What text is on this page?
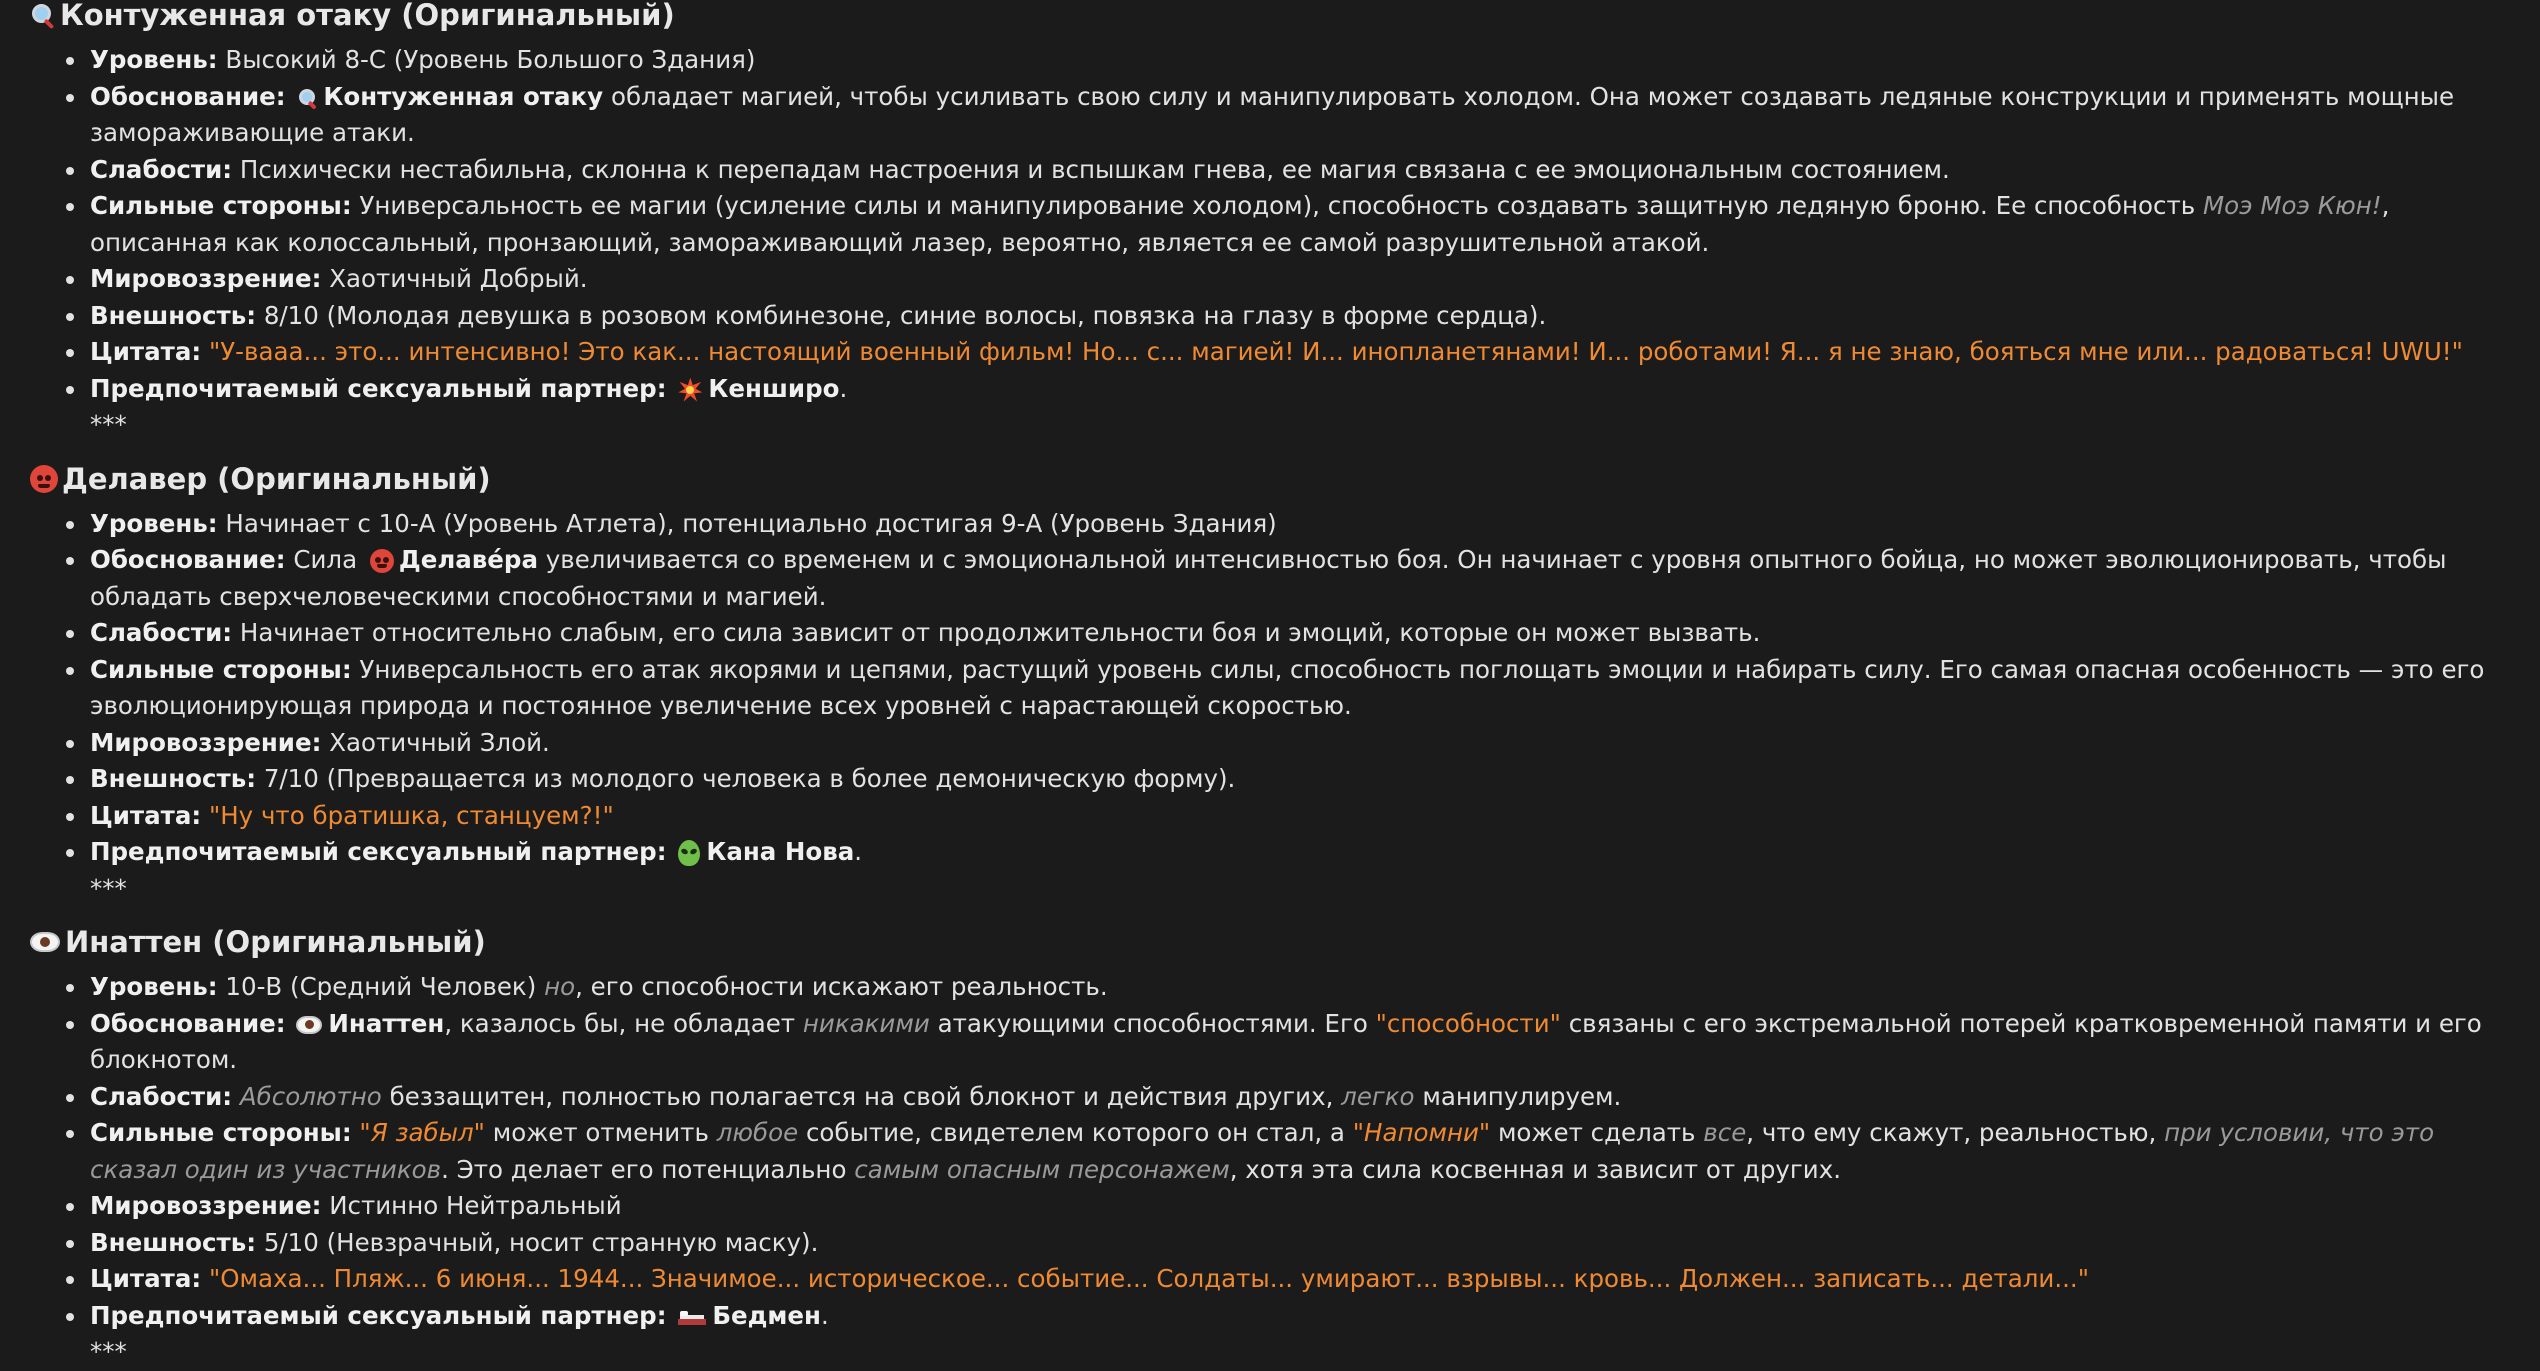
Контуженная отаку (Оригинальный)
Уровень: Высокий 8-C (Уровень Большого Здания)
Обоснование: Контуженная отаку обладает магией, чтобы усиливать свою силу и манипулировать холодом. Она может создавать ледяные конструкции и применять мощные замораживающие атаки.
Слабости: Психически нестабильна, склонна к перепадам настроения и вспышкам гнева, ее магия связана с ее эмоциональным состоянием.
Сильные стороны: Универсальность ее магии (усиление силы и манипулирование холодом), способность создавать защитную ледяную броню. Ее способность Моэ Моэ Кюн!, описанная как колоссальный, пронзающий, замораживающий лазер, вероятно, является ее самой разрушительной атакой.
Мировоззрение: Хаотичный Добрый.
Внешность: 8/10 (Молодая девушка в розовом комбинезоне, синие волосы, повязка на глазу в форме сердца).
Цитата: "У-ваaa... это... интенсивно! Это как... настоящий военный фильм! Но... с... магией! И... инопланетянами! И... роботами! Я... я не знаю, бояться мне или... радоваться! UWU!"
Предпочитаемый сексуальный партнер: Кенширо.
***
Делавер (Оригинальный)
Уровень: Начинает с 10-A (Уровень Атлета), потенциально достигая 9-A (Уровень Здания)
Обоснование: Сила Делаве́ра увеличивается со временем и с эмоциональной интенсивностью боя. Он начинает с уровня опытного бойца, но может эволюционировать, чтобы обладать сверхчеловеческими способностями и магией.
Слабости: Начинает относительно слабым, его сила зависит от продолжительности боя и эмоций, которые он может вызвать.
Сильные стороны: Универсальность его атак якорями и цепями, растущий уровень силы, способность поглощать эмоции и набирать силу. Его самая опасная особенность — это его эволюционирующая природа и постоянное увеличение всех уровней с нарастающей скоростью.
Мировоззрение: Хаотичный Злой.
Внешность: 7/10 (Превращается из молодого человека в более демоническую форму).
Цитата: "Ну что братишка, станцуем?!"
Предпочитаемый сексуальный партнер: Кана Нова.
***
Инаттен (Оригинальный)
Уровень: 10-B (Средний Человек) но, его способности искажают реальность.
Обоснование: Инаттен, казалось бы, не обладает никакими атакующими способностями. Его "способности" связаны с его экстремальной потерей кратковременной памяти и его блокнотом.
Слабости: Абсолютно беззащитен, полностью полагается на свой блокнот и действия других, легко манипулируем.
Сильные стороны: "Я забыл" может отменить любое событие, свидетелем которого он стал, а "Напомни" может сделать все, что ему скажут, реальностью, при условии, что это сказал один из участников. Это делает его потенциально самым опасным персонажем, хотя эта сила косвенная и зависит от других.
Мировоззрение: Истинно Нейтральный
Внешность: 5/10 (Невзрачный, носит странную маску).
Цитата: "Омаха... Пляж... 6 июня... 1944... Значимое... историческое... событие... Солдаты... умирают... взрывы... кровь... Должен... записать... детали..."
Предпочитаемый сексуальный партнер: Бедмен.
***
